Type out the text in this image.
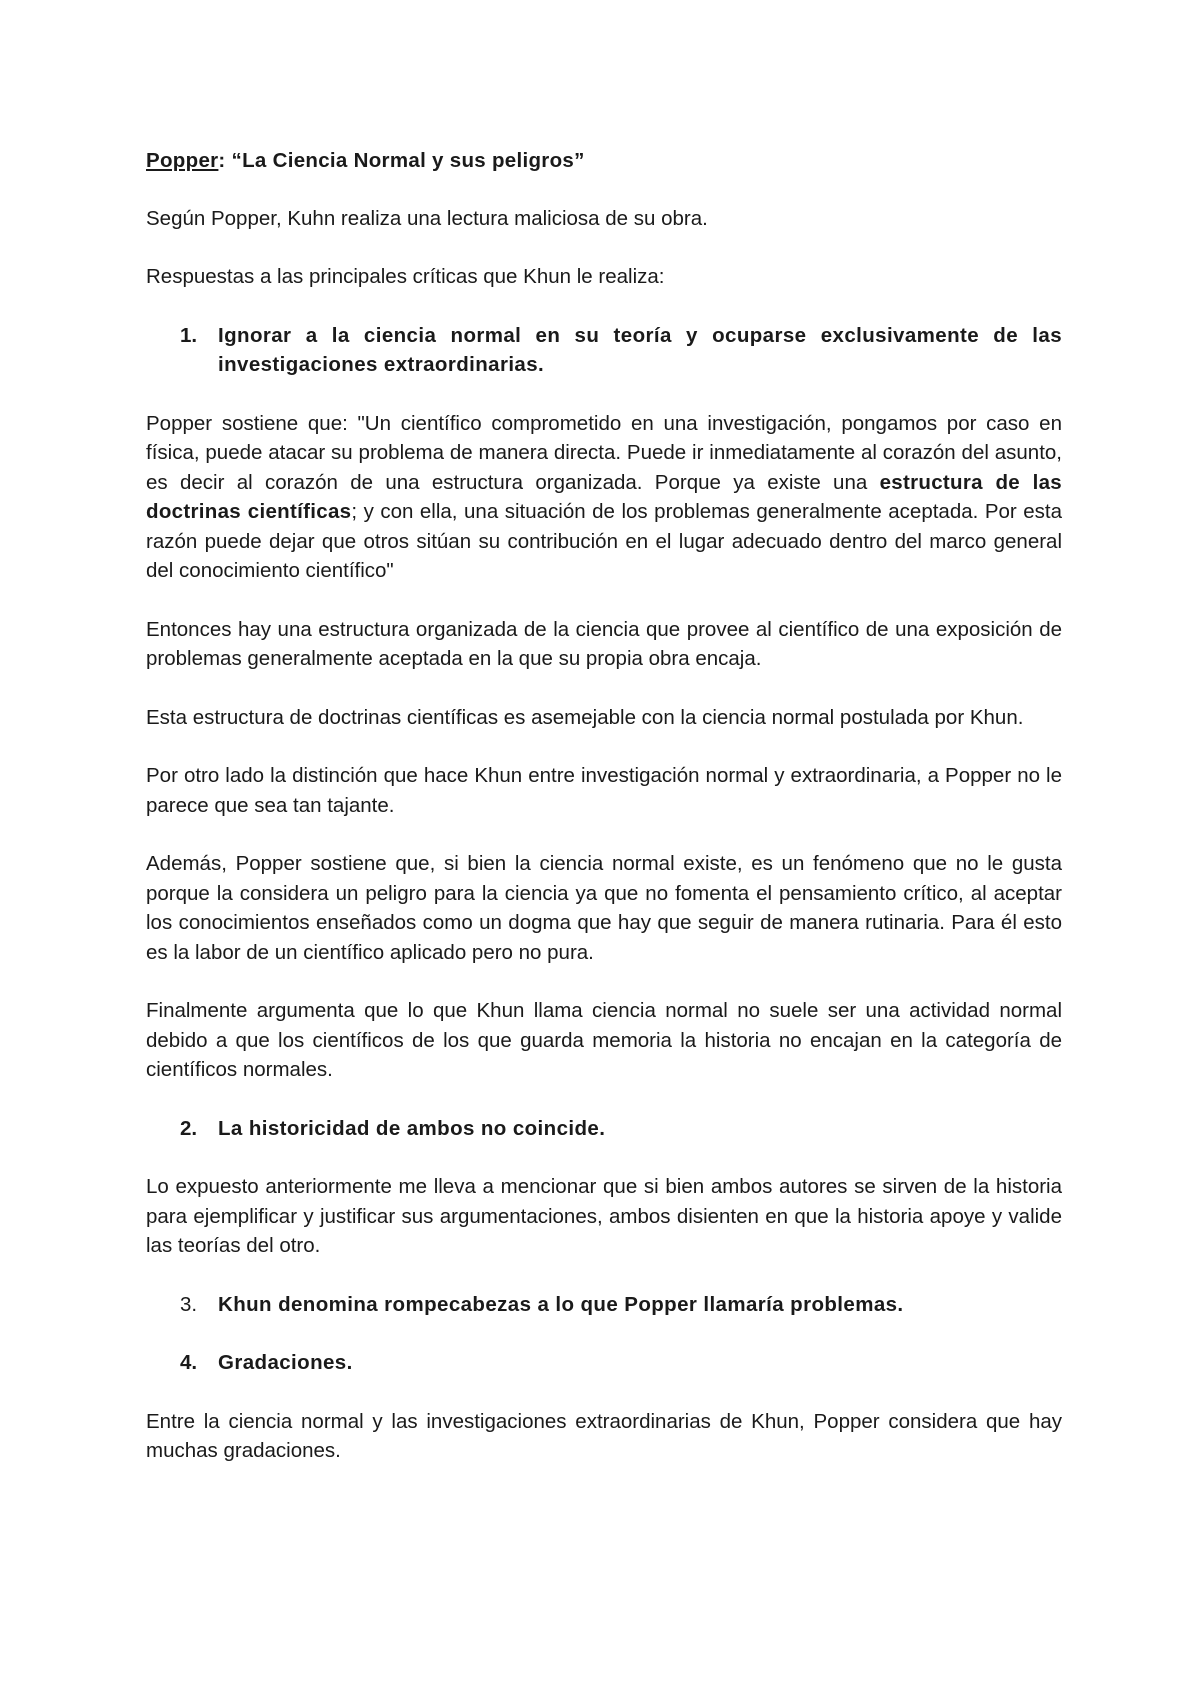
Popper: “La Ciencia Normal y sus peligros”

Según Popper, Kuhn realiza una lectura maliciosa de su obra.

Respuestas a las principales críticas que Khun le realiza:

1.	Ignorar a la ciencia normal en su teoría y ocuparse exclusivamente de las investigaciones extraordinarias.

Popper sostiene que: "Un científico comprometido en una investigación, pongamos por caso en física, puede atacar su problema de manera directa. Puede ir inmediatamente al corazón del asunto, es decir al corazón de una estructura organizada. Porque ya existe una estructura de las doctrinas científicas; y con ella, una situación de los problemas generalmente aceptada. Por esta razón puede dejar que otros sitúan su contribución en el lugar adecuado dentro del marco general del conocimiento científico"

Entonces hay una estructura organizada de la ciencia que provee al científico de una exposición de problemas generalmente aceptada en la que su propia obra encaja.

Esta estructura de doctrinas científicas es asemejable con la ciencia normal postulada por Khun.

Por otro lado la distinción que hace Khun entre investigación normal y extraordinaria, a Popper no le parece que sea tan tajante.

Además, Popper sostiene que, si bien la ciencia normal existe, es un fenómeno que no le gusta porque la considera un peligro para la ciencia ya que no fomenta el pensamiento crítico, al aceptar los conocimientos enseñados como un dogma que hay que seguir de manera rutinaria. Para él esto es la labor de un científico aplicado pero no pura.

Finalmente argumenta que lo que Khun llama ciencia normal no suele ser una actividad normal debido a que los científicos de los que guarda memoria la historia no encajan en la categoría de científicos normales.

2.	La historicidad de ambos no coincide.

Lo expuesto anteriormente me lleva a mencionar que si bien ambos autores se sirven de la historia para ejemplificar y justificar sus argumentaciones, ambos disienten en que la historia apoye y valide las teorías del otro.

3.	Khun denomina rompecabezas a lo que Popper llamaría problemas.
4.	Gradaciones.

Entre la ciencia normal y las investigaciones extraordinarias de Khun, Popper considera que hay muchas gradaciones.
